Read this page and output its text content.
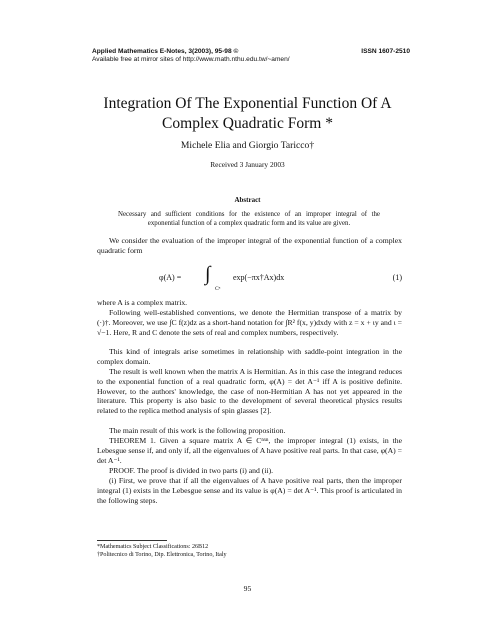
Applied Mathematics E-Notes, 3(2003), 95-98 ©	ISSN 1607-2510
Available free at mirror sites of http://www.math.nthu.edu.tw/~amen/
Integration Of The Exponential Function Of A
Complex Quadratic Form *
Michele Elia and Giorgio Taricco†
Received 3 January 2003
Abstract
Necessary and sufficient conditions for the existence of an improper integral of the exponential function of a complex quadratic form and its value are given.
We consider the evaluation of the improper integral of the exponential function of a complex quadratic form
φ(A) = ∫
Cⁿ
exp(−πx†Ax)dx	(1)
where A is a complex matrix.
Following well-established conventions, we denote the Hermitian transpose of a matrix by (·)†. Moreover, we use ∫C f(z)dz as a short-hand notation for ∫R² f(x, y)dxdy with z = x + ιy and ι = √−1. Here, R and C denote the sets of real and complex numbers, respectively.
This kind of integrals arise sometimes in relationship with saddle-point integration in the complex domain.
The result is well known when the matrix A is Hermitian. As in this case the integrand reduces to the exponential function of a real quadratic form, φ(A) = det A⁻¹ iff A is positive definite. However, to the authors' knowledge, the case of non-Hermitian A has not yet appeared in the literature. This property is also basic to the development of several theoretical physics results related to the replica method analysis of spin glasses [2].
The main result of this work is the following proposition.
THEOREM 1. Given a square matrix A ∈ Cⁿˣⁿ, the improper integral (1) exists, in the Lebesgue sense if, and only if, all the eigenvalues of A have positive real parts. In that case, φ(A) = det A⁻¹.
PROOF. The proof is divided in two parts (i) and (ii).
(i) First, we prove that if all the eigenvalues of A have positive real parts, then the improper integral (1) exists in the Lebesgue sense and its value is φ(A) = det A⁻¹. This proof is articulated in the following steps.
*Mathematics Subject Classifications: 26B12
†Politecnico di Torino, Dip. Elettronica, Torino, Italy
95
